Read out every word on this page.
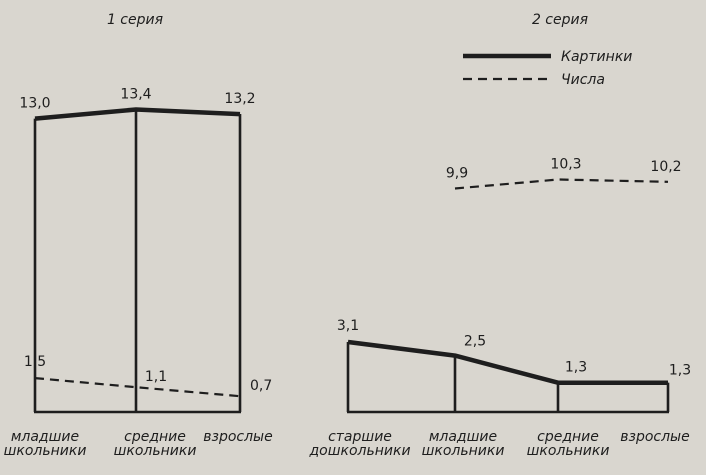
1 серия
13,0
13,4	13,2
1,5
1,1
0,7
младшие
школьники
средние
школьники
взрослые
2 серия
3,1
2,5
1,3	1,3
9,9
10,3	10,2
старшие
дошкольники
младшие
школьники
средние
школьники
взрослые
Картинки
Числа
